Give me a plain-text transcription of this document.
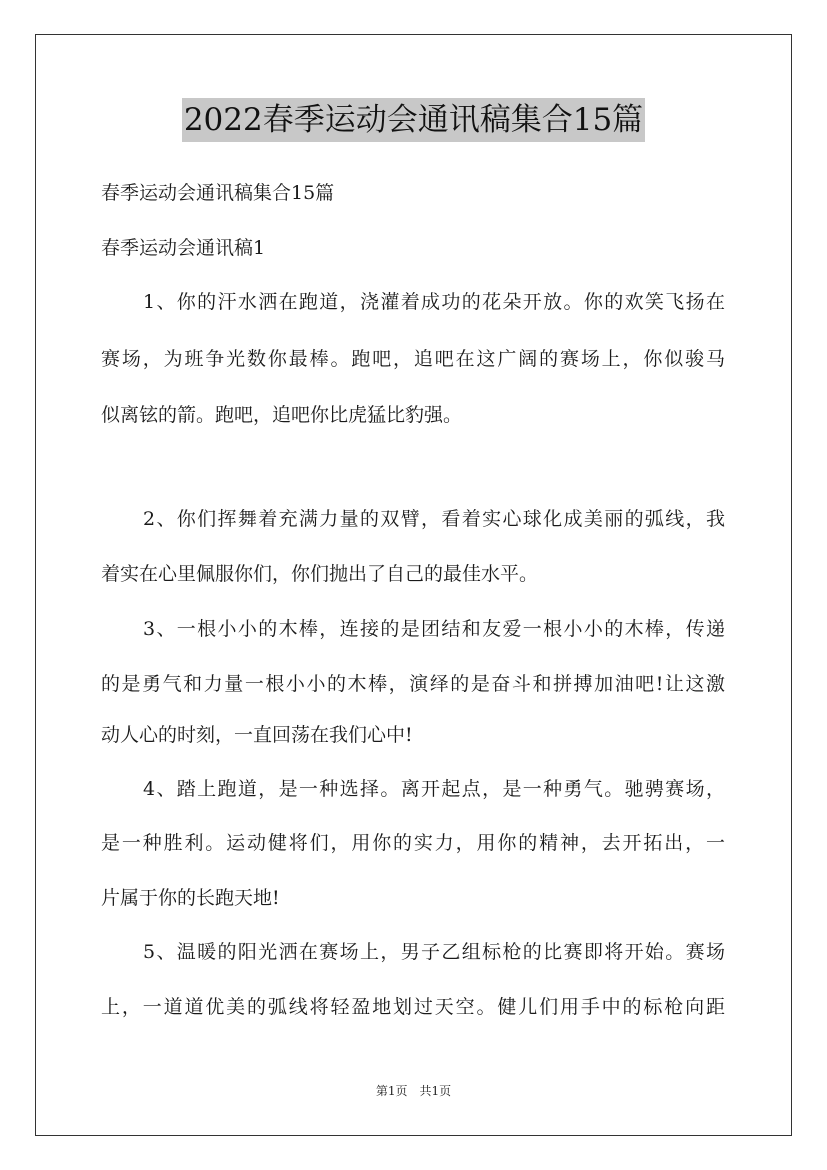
2022春季运动会通讯稿集合15篇
春季运动会通讯稿集合15篇
春季运动会通讯稿1
1、你的汗水洒在跑道，浇灌着成功的花朵开放。你的欢笑飞扬在
赛场，为班争光数你最棒。跑吧，追吧在这广阔的赛场上，你似骏马
似离铉的箭。跑吧，追吧你比虎猛比豹强。
2、你们挥舞着充满力量的双臂，看着实心球化成美丽的弧线，我
着实在心里佩服你们，你们抛出了自己的最佳水平。
3、一根小小的木棒，连接的是团结和友爱一根小小的木棒，传递
的是勇气和力量一根小小的木棒，演绎的是奋斗和拼搏加油吧!让这激
动人心的时刻，一直回荡在我们心中!
4、踏上跑道，是一种选择。离开起点，是一种勇气。驰骋赛场，
是一种胜利。运动健将们，用你的实力，用你的精神，去开拓出，一
片属于你的长跑天地!
5、温暖的阳光洒在赛场上，男子乙组标枪的比赛即将开始。赛场
上，一道道优美的弧线将轻盈地划过天空。健儿们用手中的标枪向距
第1页 共1页
